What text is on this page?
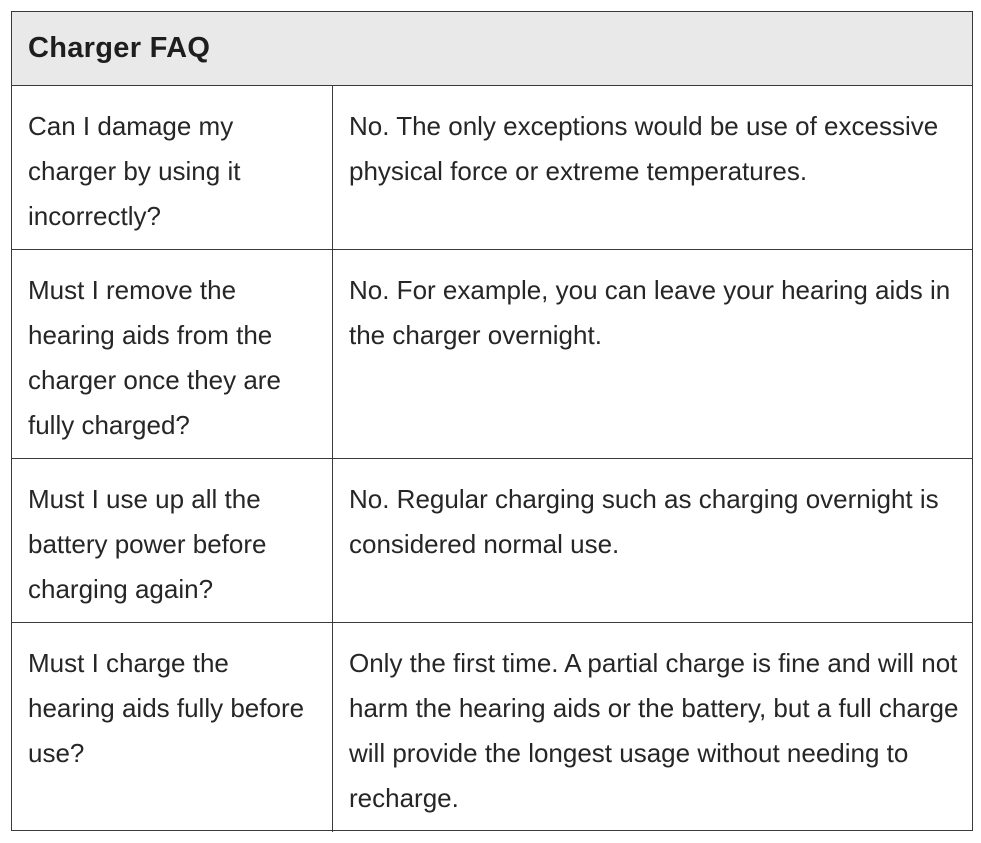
Charger FAQ
Can I damage my charger by using it incorrectly?
No. The only exceptions would be use of excessive physical force or extreme temperatures.
Must I remove the hearing aids from the charger once they are fully charged?
No. For example, you can leave your hearing aids in the charger overnight.
Must I use up all the battery power before charging again?
No. Regular charging such as charging overnight is considered normal use.
Must I charge the hearing aids fully before use?
Only the first time. A partial charge is fine and will not harm the hearing aids or the battery, but a full charge will provide the longest usage without needing to recharge.
